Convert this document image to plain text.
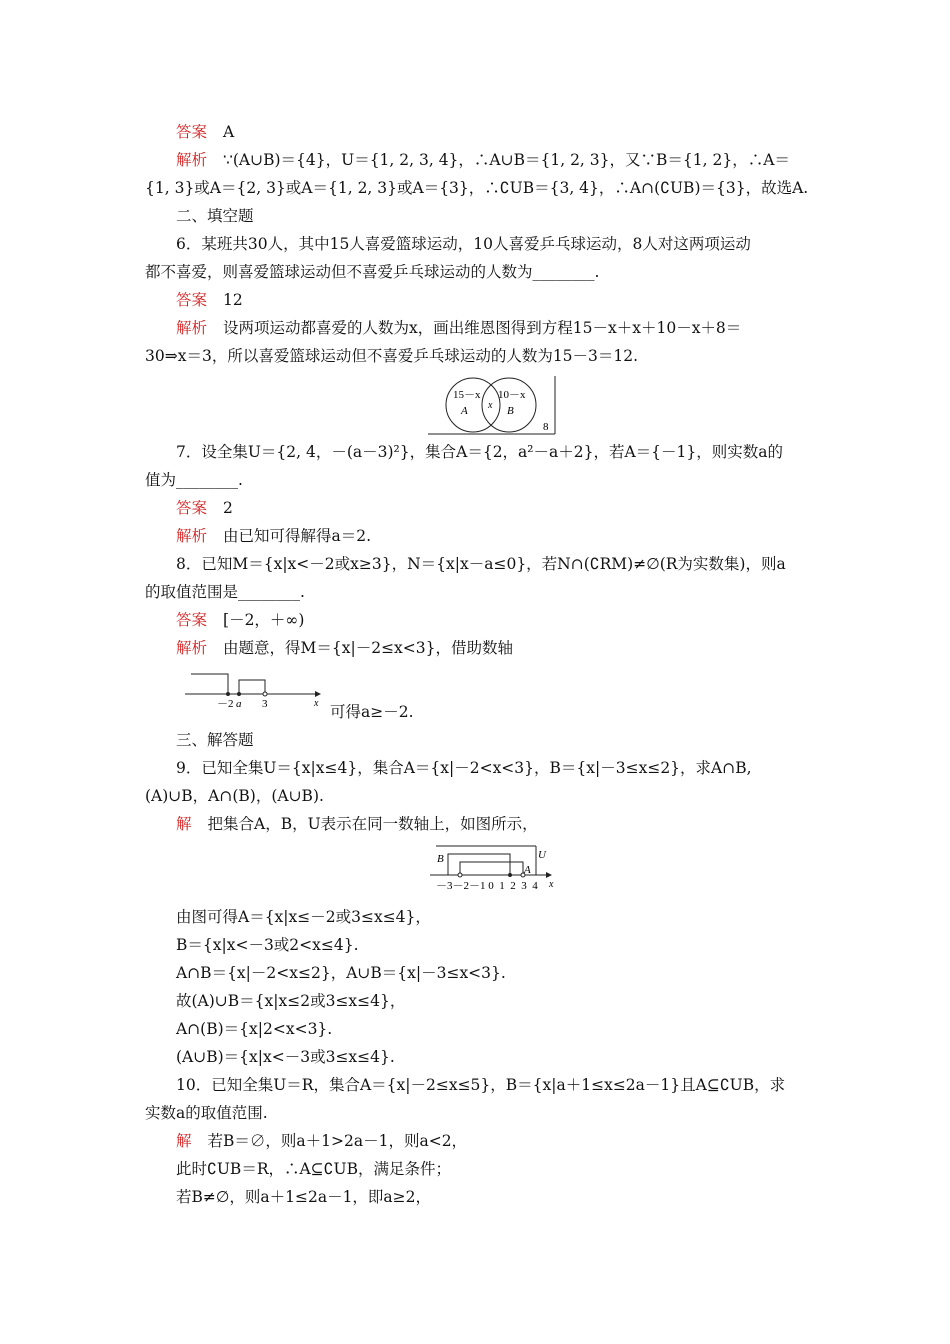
答案 A
解析 ∵(A∪B)＝{4}，U＝{1, 2, 3, 4}，∴A∪B＝{1, 2, 3}，又∵B＝{1, 2}，∴A＝
{1, 3}或A＝{2, 3}或A＝{1, 2, 3}或A＝{3}，∴∁UB＝{3, 4}，∴A∩(∁UB)＝{3}，故选A.
二、填空题
6．某班共30人，其中15人喜爱篮球运动，10人喜爱乒乓球运动，8人对这两项运动
都不喜爱，则喜爱篮球运动但不喜爱乒乓球运动的人数为________.
答案 12
解析 设两项运动都喜爱的人数为x，画出维恩图得到方程15－x＋x＋10－x＋8＝
30⇒x＝3，所以喜爱篮球运动但不喜爱乒乓球运动的人数为15－3＝12.
15－x
A x
10－x
B
8
7．设全集U＝{2, 4，－(a－3)²}，集合A＝{2，a²－a＋2}，若A＝{－1}，则实数a的
值为________.
答案 2
解析 由已知可得解得a＝2.
8．已知M＝{x|x<－2或x≥3}，N＝{x|x－a≤0}，若N∩(∁RM)≠∅(R为实数集)，则a
的取值范围是________.
答案 [－2，＋∞)
解析 由题意，得M＝{x|－2≤x<3}，借助数轴
－2 a 3	x 可得a≥－2.
三、解答题
9．已知全集U＝{x|x≤4}，集合A＝{x|－2<x<3}，B＝{x|－3≤x≤2}，求A∩B,
(A)∪B，A∩(B)，(A∪B).
解 把集合A，B，U表示在同一数轴上，如图所示，
B
A
U
－3－2－1 0  1  2  3  4 x
由图可得A＝{x|x≤－2或3≤x≤4}，
B＝{x|x<－3或2<x≤4}.
A∩B＝{x|－2<x≤2}，A∪B＝{x|－3≤x<3}.
故(A)∪B＝{x|x≤2或3≤x≤4}，
A∩(B)＝{x|2<x<3}.
(A∪B)＝{x|x<－3或3≤x≤4}.
10．已知全集U＝R，集合A＝{x|－2≤x≤5}，B＝{x|a＋1≤x≤2a－1}且A⊆∁UB，求
实数a的取值范围.
解 若B＝∅，则a＋1>2a－1，则a<2，
此时∁UB＝R，∴A⊆∁UB，满足条件；
若B≠∅，则a＋1≤2a－1，即a≥2，
